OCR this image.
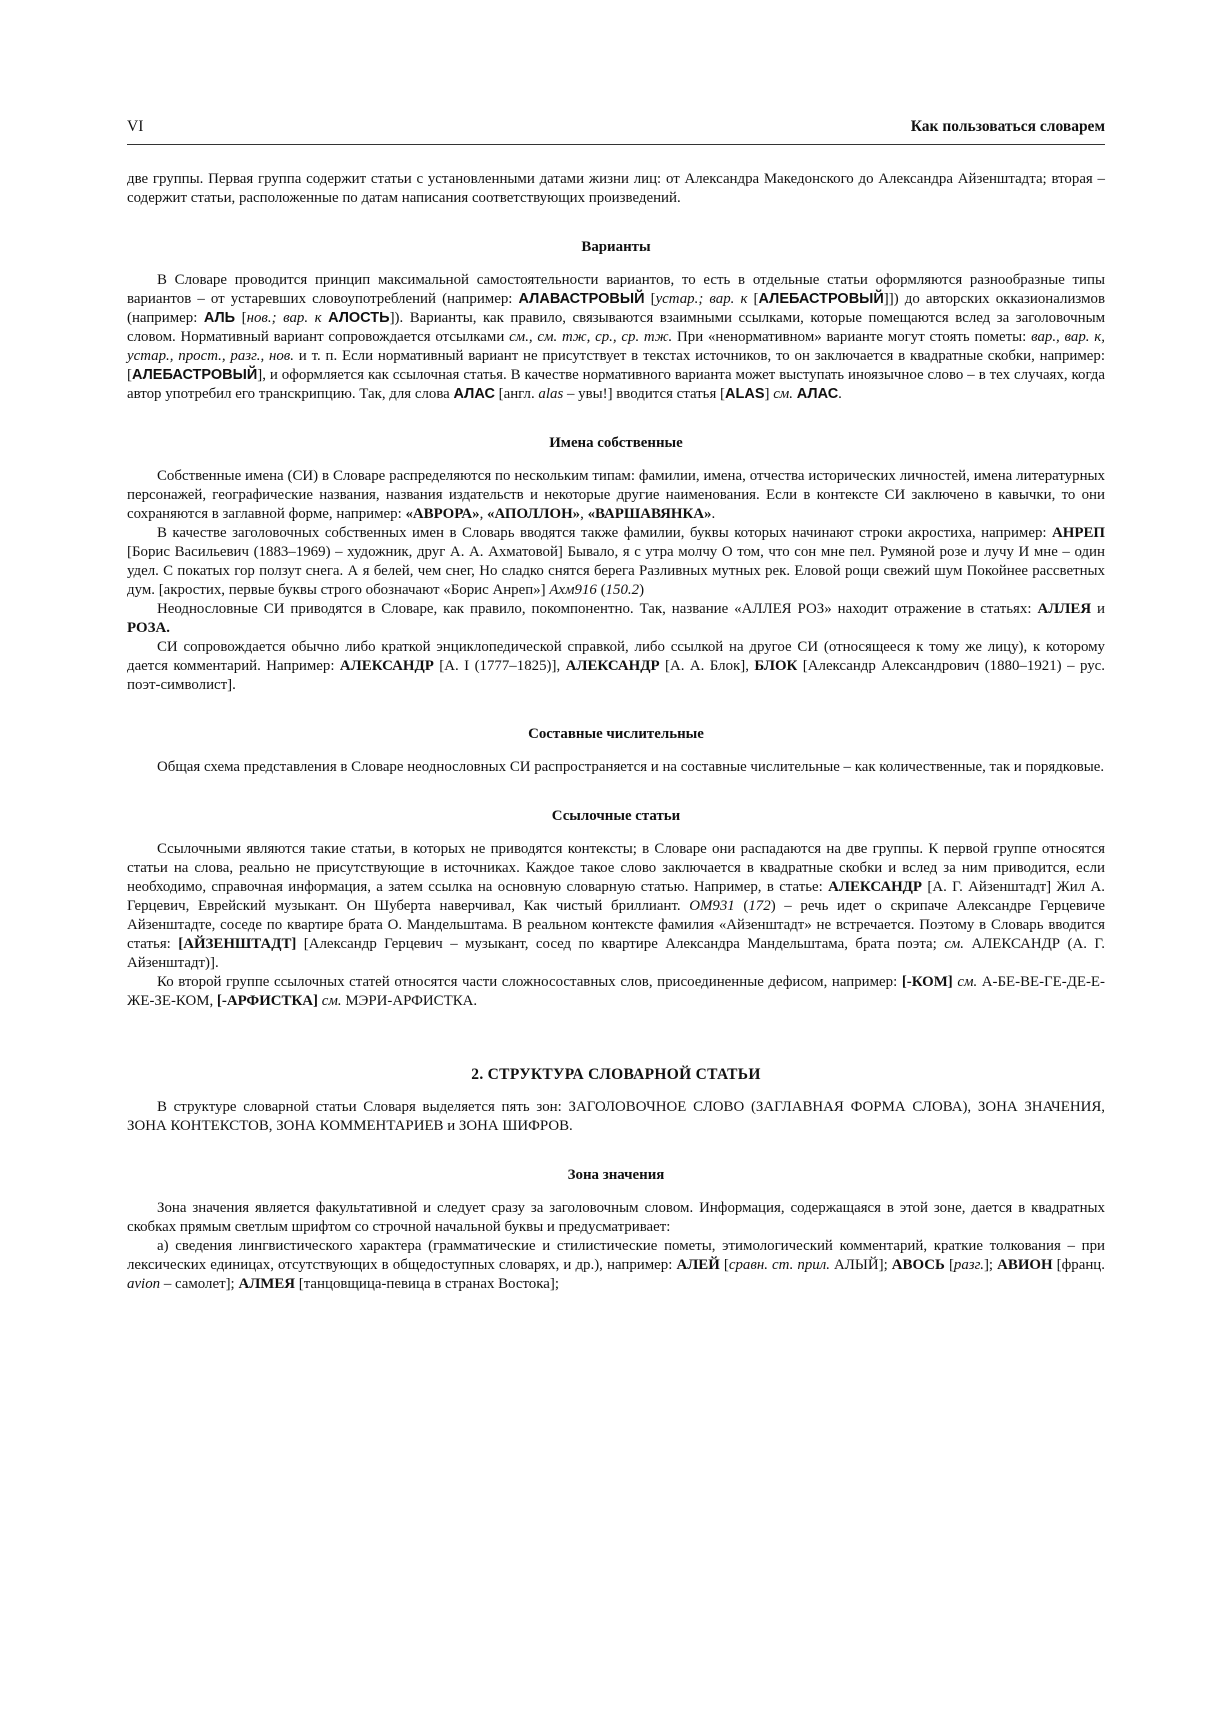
VI	Как пользоваться словарем

две группы. Первая группа содержит статьи с установленными датами жизни лиц: от Александра Македонского до Александра Айзенштадта; вторая – содержит статьи, расположенные по датам написания соответствующих произведений.

Варианты

В Словаре проводится принцип максимальной самостоятельности вариантов, то есть в отдельные статьи оформляются разнообразные типы вариантов – от устаревших словоупотреблений (например: АЛАВАСТРОВЫЙ [устар.; вар. к [АЛЕБАСТРОВЫЙ]]) до авторских окказионализмов (например: АЛЬ [нов.; вар. к АЛОСТЬ]). Варианты, как правило, связываются взаимными ссылками, которые помещаются вслед за заголовочным словом. Нормативный вариант сопровождается отсылками см., см. тж, ср., ср. тж. При «ненормативном» варианте могут стоять пометы: вар., вар. к, устар., прост., разг., нов. и т. п. Если нормативный вариант не присутствует в текстах источников, то он заключается в квадратные скобки, например: [АЛЕБАСТРОВЫЙ], и оформляется как ссылочная статья. В качестве нормативного варианта может выступать иноязычное слово – в тех случаях, когда автор употребил его транскрипцию. Так, для слова АЛАС [англ. alas – увы!] вводится статья [ALAS] см. АЛАС.

Имена собственные

Собственные имена (СИ) в Словаре распределяются по нескольким типам: фамилии, имена, отчества исторических личностей, имена литературных персонажей, географические названия, названия издательств и некоторые другие наименования. Если в контексте СИ заключено в кавычки, то они сохраняются в заглавной форме, например: «АВРОРА», «АПОЛЛОН», «ВАРШАВЯНКА».

В качестве заголовочных собственных имен в Словарь вводятся также фамилии, буквы которых начинают строки акростиха, например: АНРЕП [Борис Васильевич (1883–1969) – художник, друг А. А. Ахматовой] Бывало, я с утра молчу О том, что сон мне пел. Румяной розе и лучу И мне – один удел. С покатых гор ползут снега. А я белей, чем снег, Но сладко снятся берега Разливных мутных рек. Еловой рощи свежий шум Покойнее рассветных дум. [акростих, первые буквы строго обозначают «Борис Анреп»] Ахм916 (150.2)

Неоднословные СИ приводятся в Словаре, как правило, покомпонентно. Так, название «АЛЛЕЯ РОЗ» находит отражение в статьях: АЛЛЕЯ и РОЗА.

СИ сопровождается обычно либо краткой энциклопедической справкой, либо ссылкой на другое СИ (относящееся к тому же лицу), к которому дается комментарий. Например: АЛЕКСАНДР [А. I (1777–1825)], АЛЕКСАНДР [А. А. Блок], БЛОК [Александр Александрович (1880–1921) – рус. поэт-символист].

Составные числительные

Общая схема представления в Словаре неоднословных СИ распространяется и на составные числительные – как количественные, так и порядковые.

Ссылочные статьи

Ссылочными являются такие статьи, в которых не приводятся контексты; в Словаре они распадаются на две группы. К первой группе относятся статьи на слова, реально не присутствующие в источниках. Каждое такое слово заключается в квадратные скобки и вслед за ним приводится, если необходимо, справочная информация, а затем ссылка на основную словарную статью. Например, в статье: АЛЕКСАНДР [А. Г. Айзенштадт] Жил А. Герцевич, Еврейский музыкант. Он Шуберта наверчивал, Как чистый бриллиант. ОМ931 (172) – речь идет о скрипаче Александре Герцевиче Айзенштадте, соседе по квартире брата О. Мандельштама. В реальном контексте фамилия «Айзенштадт» не встречается. Поэтому в Словарь вводится статья: [АЙЗЕНШТАДТ] [Александр Герцевич – музыкант, сосед по квартире Александра Мандельштама, брата поэта; см. АЛЕКСАНДР (А. Г. Айзенштадт)].

Ко второй группе ссылочных статей относятся части сложносоставных слов, присоединенные дефисом, например: [-КОМ] см. А-БЕ-ВЕ-ГЕ-ДЕ-Е-ЖЕ-ЗЕ-КОМ, [-АРФИСТКА] см. МЭРИ-АРФИСТКА.

2. СТРУКТУРА СЛОВАРНОЙ СТАТЬИ

В структуре словарной статьи Словаря выделяется пять зон: ЗАГОЛОВОЧНОЕ СЛОВО (ЗАГЛАВНАЯ ФОРМА СЛОВА), ЗОНА ЗНАЧЕНИЯ, ЗОНА КОНТЕКСТОВ, ЗОНА КОММЕНТАРИЕВ и ЗОНА ШИФРОВ.

Зона значения

Зона значения является факультативной и следует сразу за заголовочным словом. Информация, содержащаяся в этой зоне, дается в квадратных скобках прямым светлым шрифтом со строчной начальной буквы и предусматривает:

а) сведения лингвистического характера (грамматические и стилистические пометы, этимологический комментарий, краткие толкования – при лексических единицах, отсутствующих в общедоступных словарях, и др.), например: АЛЕЙ [сравн. ст. прил. АЛЫЙ]; АВОСЬ [разг.]; АВИОН [франц. avion – самолет]; АЛМЕЯ [танцовщица-певица в странах Востока];
